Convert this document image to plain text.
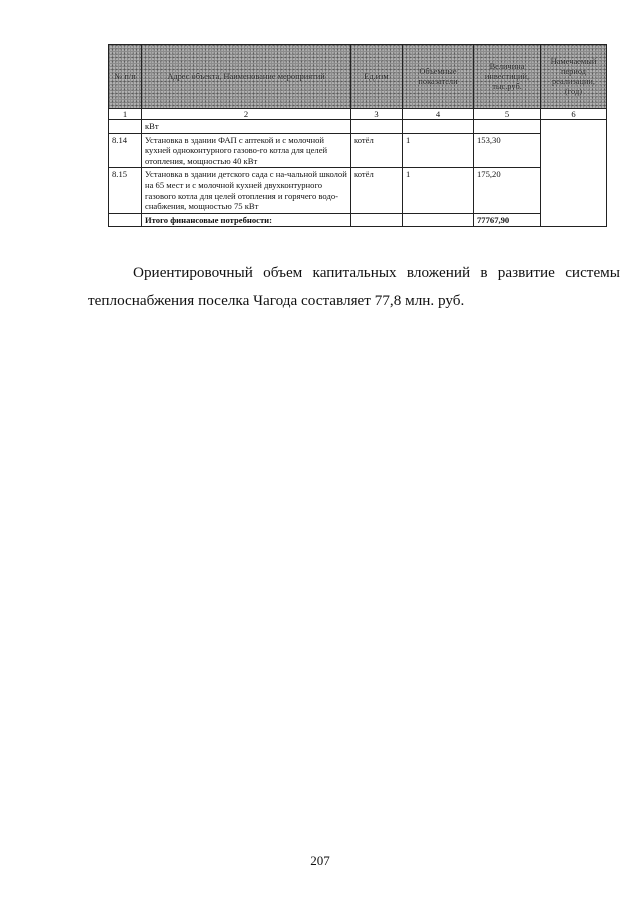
№ п/п	Адрес объекта, Наименование мероприятий	Ед.изм	Объемные показатели	Величина инвестиций, тыс.руб.	Намечаемый период реализации, (год)
1	2	3	4	5	6
	кВт				
8.14	Установка в здании ФАП с аптекой и с молочной кухней одноконтурного газово-го котла для целей отопления, мощностью 40 кВт	котёл	1	153,30	
8.15	Установка в здании детского сада с на-чальной школой на 65 мест и с молочной кухней двухконтурного газового котла для целей отопления и горячего водо-снабжения, мощностью 75 кВт	котёл	1	175,20	
	Итого финансовые потребности:			77767,90	

Ориентировочный объем капитальных вложений в развитие системы

теплоснабжения поселка Чагода составляет 77,8 млн. руб.

207
